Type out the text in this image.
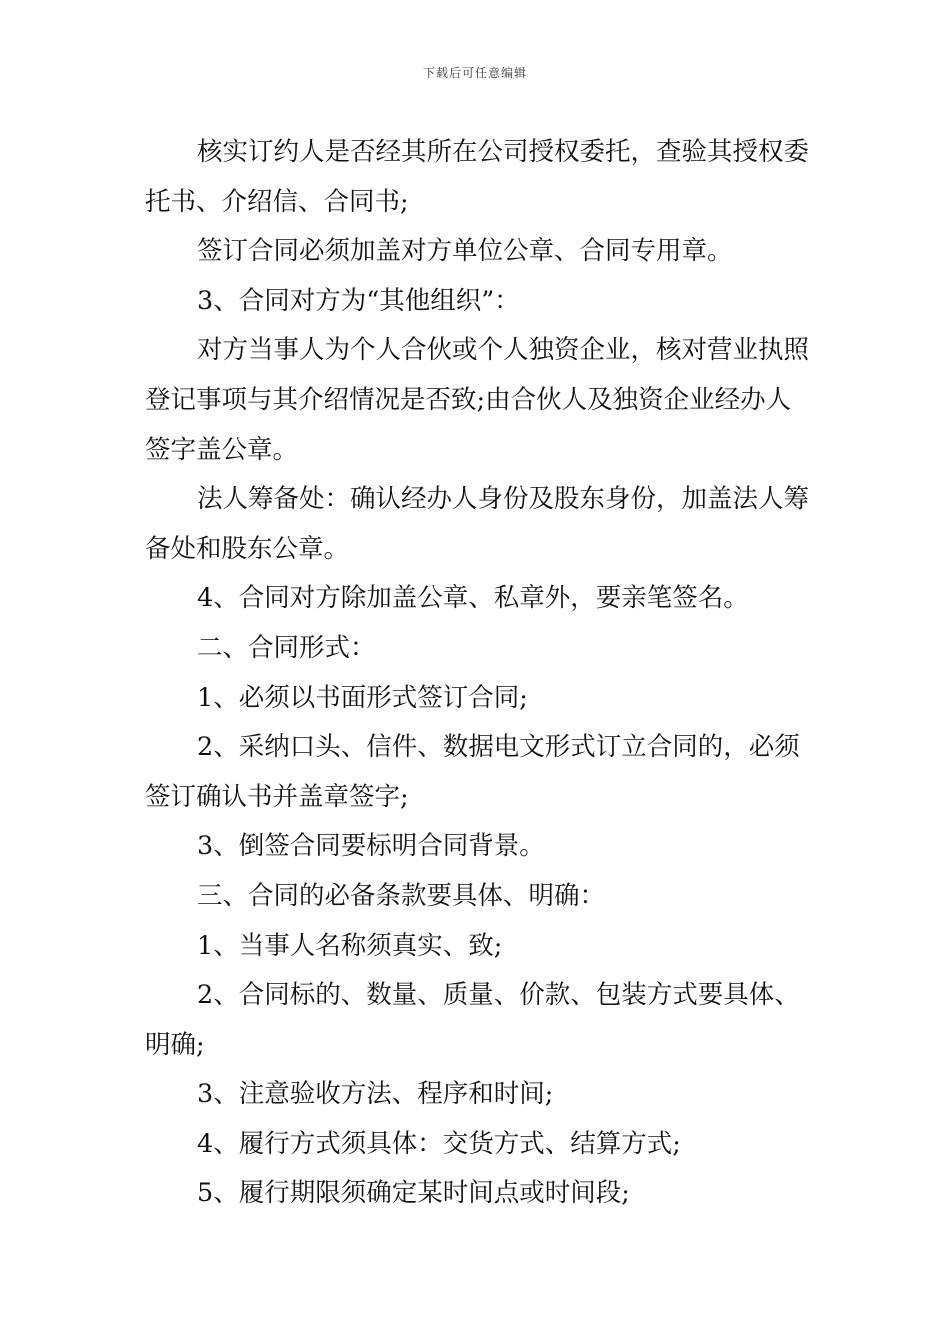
下载后可任意编辑

核实订约人是否经其所在公司授权委托，查验其授权委托书、介绍信、合同书;

签订合同必须加盖对方单位公章、合同专用章。

3、合同对方为“其他组织”：

对方当事人为个人合伙或个人独资企业，核对营业执照登记事项与其介绍情况是否致;由合伙人及独资企业经办人签字盖公章。

法人筹备处：确认经办人身份及股东身份，加盖法人筹备处和股东公章。

4、合同对方除加盖公章、私章外，要亲笔签名。

二、合同形式：

1、必须以书面形式签订合同;

2、采纳口头、信件、数据电文形式订立合同的，必须签订确认书并盖章签字;

3、倒签合同要标明合同背景。

三、合同的必备条款要具体、明确：

1、当事人名称须真实、致;

2、合同标的、数量、质量、价款、包装方式要具体、明确;

3、注意验收方法、程序和时间;

4、履行方式须具体：交货方式、结算方式;

5、履行期限须确定某时间点或时间段;
